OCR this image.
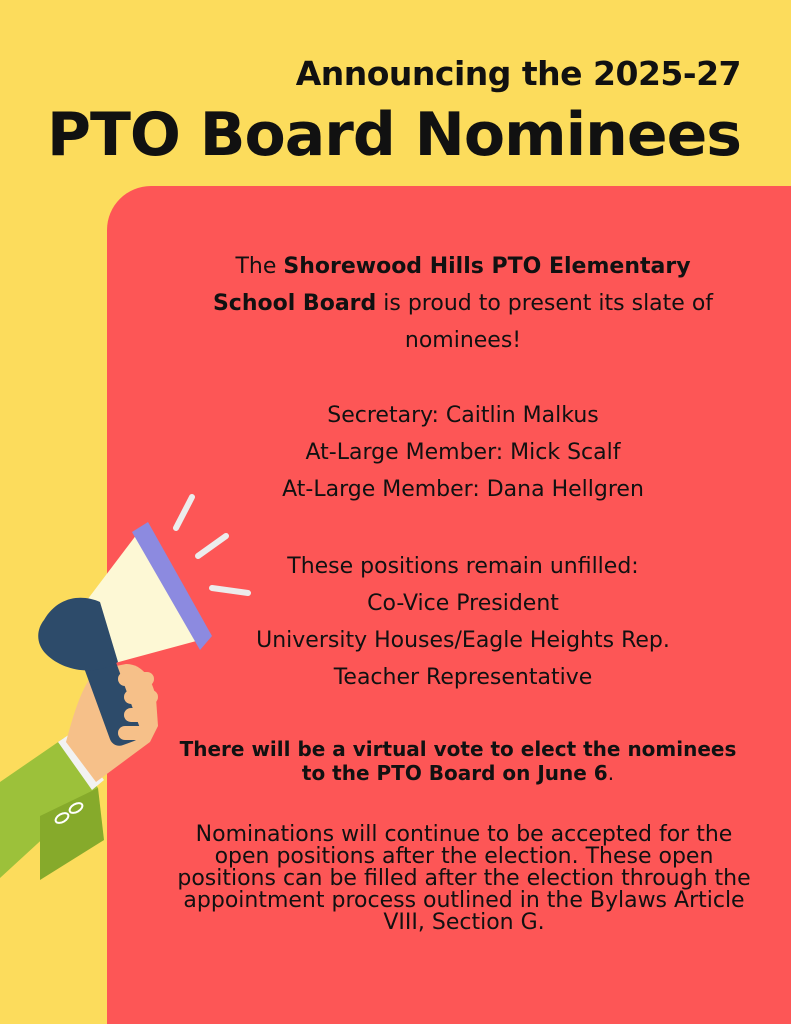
Announcing the 2025-27
PTO Board Nominees
The Shorewood Hills PTO Elementary School Board is proud to present its slate of nominees!
Secretary: Caitlin Malkus
At-Large Member: Mick Scalf
At-Large Member: Dana Hellgren
These positions remain unfilled:
Co-Vice President
University Houses/Eagle Heights Rep.
Teacher Representative
There will be a virtual vote to elect the nominees to the PTO Board on June 6.
Nominations will continue to be accepted for the open positions after the election. These open positions can be filled after the election through the appointment process outlined in the Bylaws Article VIII, Section G.
